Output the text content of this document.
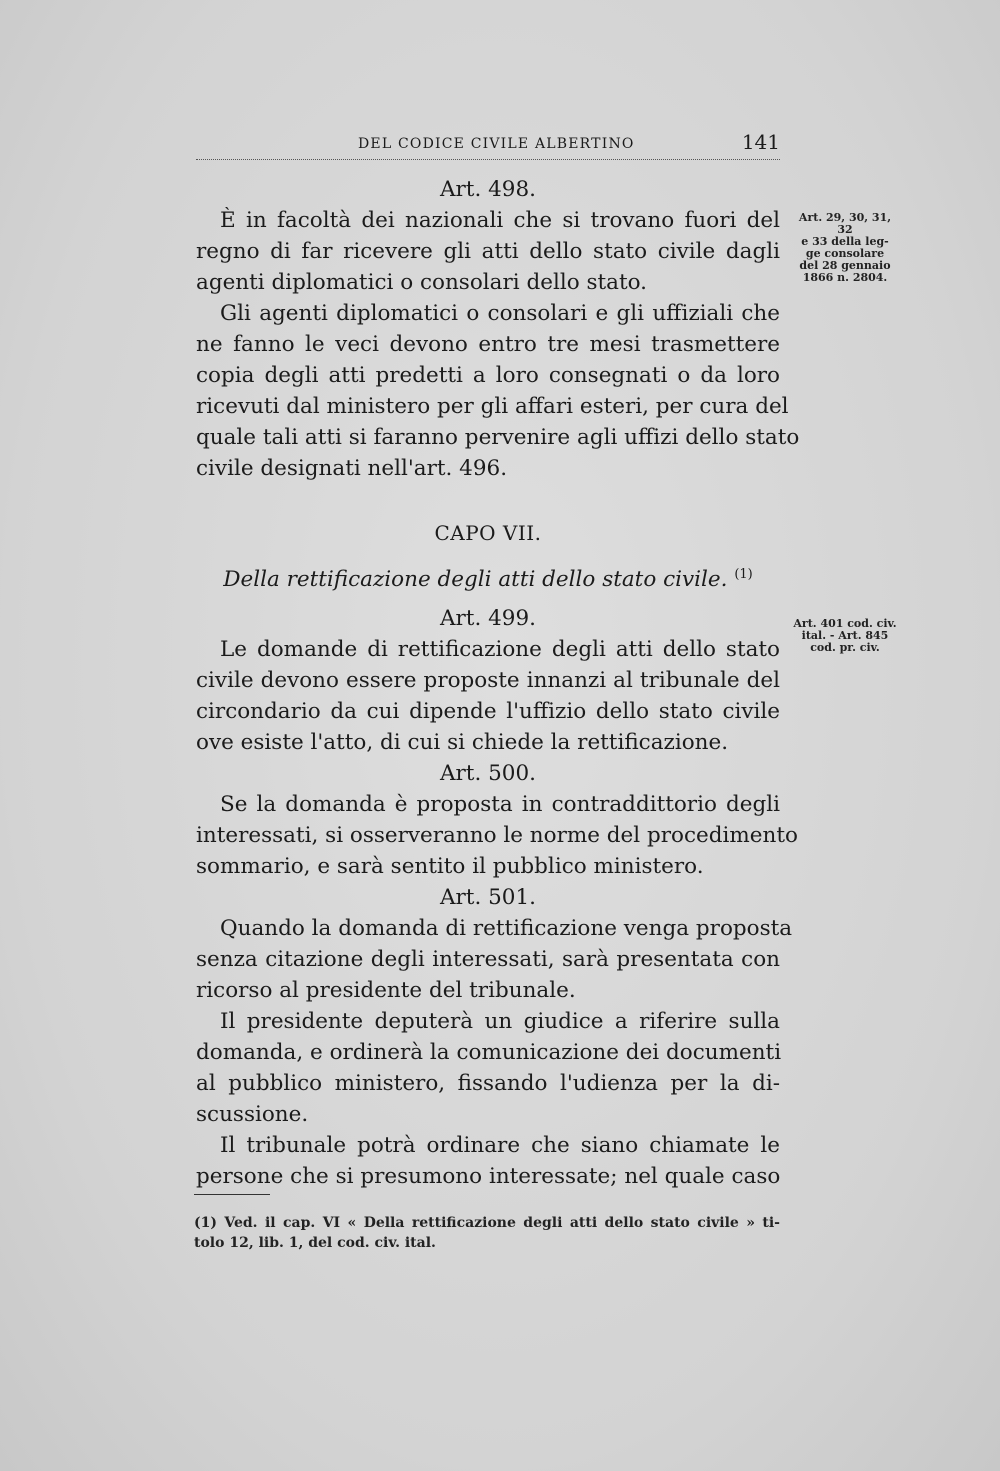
DEL CODICE CIVILE ALBERTINO	141
Art. 498.
È in facoltà dei nazionali che si trovano fuori del
regno di far ricevere gli atti dello stato civile dagli
agenti diplomatici o consolari dello stato.
Gli agenti diplomatici o consolari e gli uffiziali che
ne fanno le veci devono entro tre mesi trasmettere
copia degli atti predetti a loro consegnati o da loro
ricevuti dal ministero per gli affari esteri, per cura del
quale tali atti si faranno pervenire agli uffizi dello stato
civile designati nell'art. 496.
CAPO VII.
Della rettificazione degli atti dello stato civile. $^{(1)}$
Art. 499.
Le domande di rettificazione degli atti dello stato
civile devono essere proposte innanzi al tribunale del
circondario da cui dipende l'uffizio dello stato civile
ove esiste l'atto, di cui si chiede la rettificazione.
Art. 500.
Se la domanda è proposta in contraddittorio degli
interessati, si osserveranno le norme del procedimento
sommario, e sarà sentito il pubblico ministero.
Art. 501.
Quando la domanda di rettificazione venga proposta
senza citazione degli interessati, sarà presentata con
ricorso al presidente del tribunale.
Il presidente deputerà un giudice a riferire sulla
domanda, e ordinerà la comunicazione dei documenti
al pubblico ministero, fissando l'udienza per la di-
scussione.
Il tribunale potrà ordinare che siano chiamate le
persone che si presumono interessate; nel quale caso
Art. 29, 30, 31, 32
e 33 della leg-
ge consolare
del 28 gennaio
1866 n. 2804.
Art. 401 cod. civ.
ital. - Art. 845
cod. pr. civ.
(1) Ved. il cap. VI « Della rettificazione degli atti dello stato civile » ti-
tolo 12, lib. 1, del cod. civ. ital.
